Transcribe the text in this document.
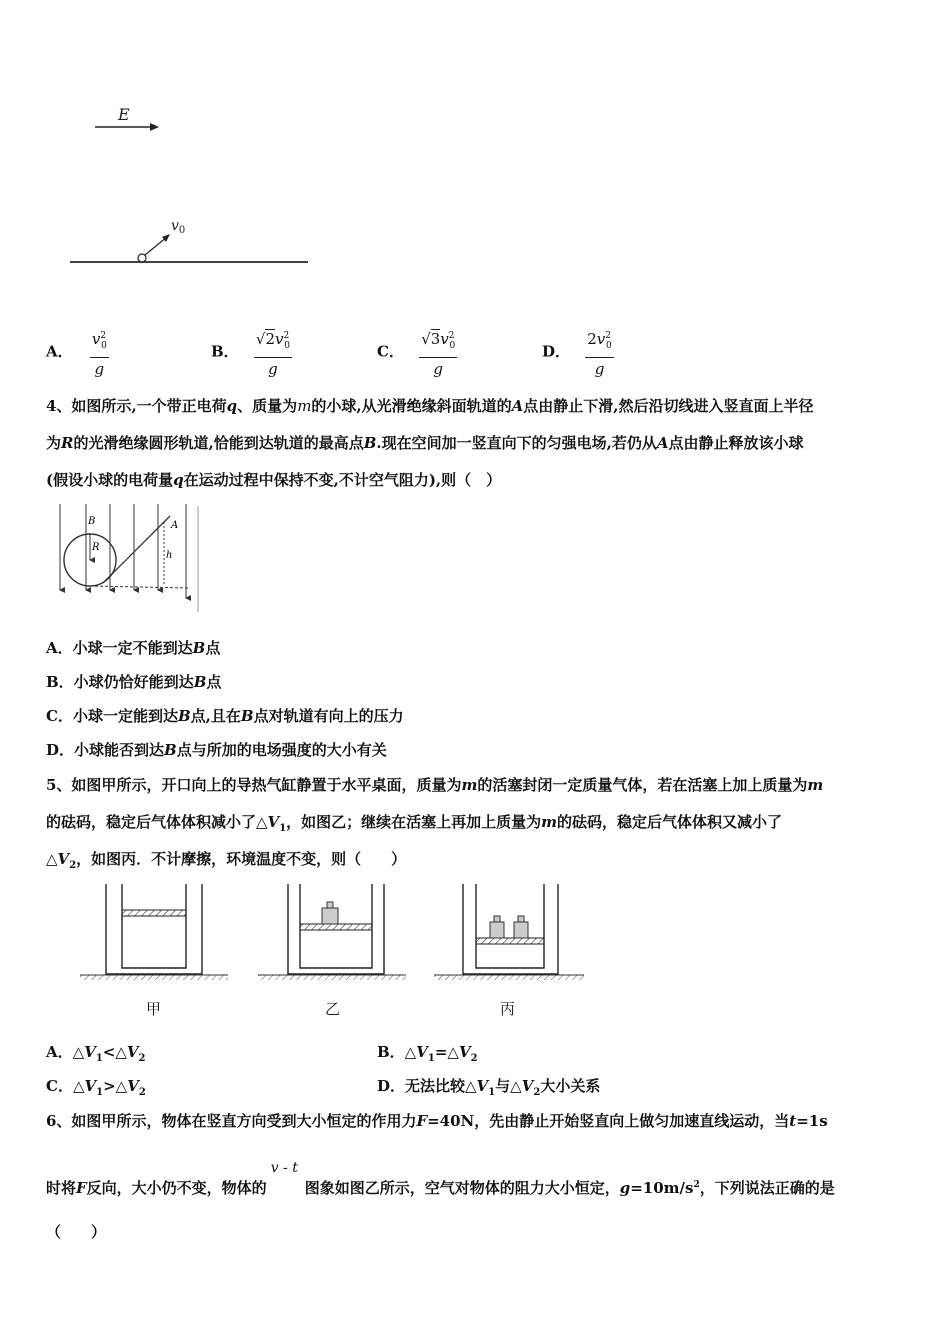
E
$v_0$
A． $\frac{v^2_0}{g}$	B． $\frac{√2v^2_0}{g}$	C． $\frac{√3v^2_0}{g}$	D． $\frac{2v^2_0}{g}$
4、如图所示,一个带正电荷q、质量为m的小球,从光滑绝缘斜面轨道的A点由静止下滑,然后沿切线进入竖直面上半径
为R的光滑绝缘圆形轨道,恰能到达轨道的最高点B.现在空间加一竖直向下的匀强电场,若仍从A点由静止释放该小球
(假设小球的电荷量q在运动过程中保持不变,不计空气阻力),则（　）
B
R
A
h
A．小球一定不能到达B点
B．小球仍恰好能到达B点
C．小球一定能到达B点,且在B点对轨道有向上的压力
D．小球能否到达B点与所加的电场强度的大小有关
5、如图甲所示，开口向上的导热气缸静置于水平桌面，质量为m的活塞封闭一定质量气体，若在活塞上加上质量为m
的砝码，稳定后气体体积减小了$\triangle V_1$，如图乙；继续在活塞上再加上质量为m的砝码，稳定后气体体积又减小了
$\triangle V_2$，如图丙．不计摩擦，环境温度不变，则（　　）
甲	乙	丙
A．$\triangle V_1<\triangle V_2$	B．$\triangle V_1=\triangle V_2$
C．$\triangle V_1>\triangle V_2$	D．无法比较$\triangle V_1$与$\triangle V_2$大小关系
6、如图甲所示，物体在竖直方向受到大小恒定的作用力F=40N，先由静止开始竖直向上做匀加速直线运动，当t=1s
时将F反向，大小仍不变，物体的
v - t
图象如图乙所示，空气对物体的阻力大小恒定，$g=10m/s^2$，下列说法正确的是
（　　）
